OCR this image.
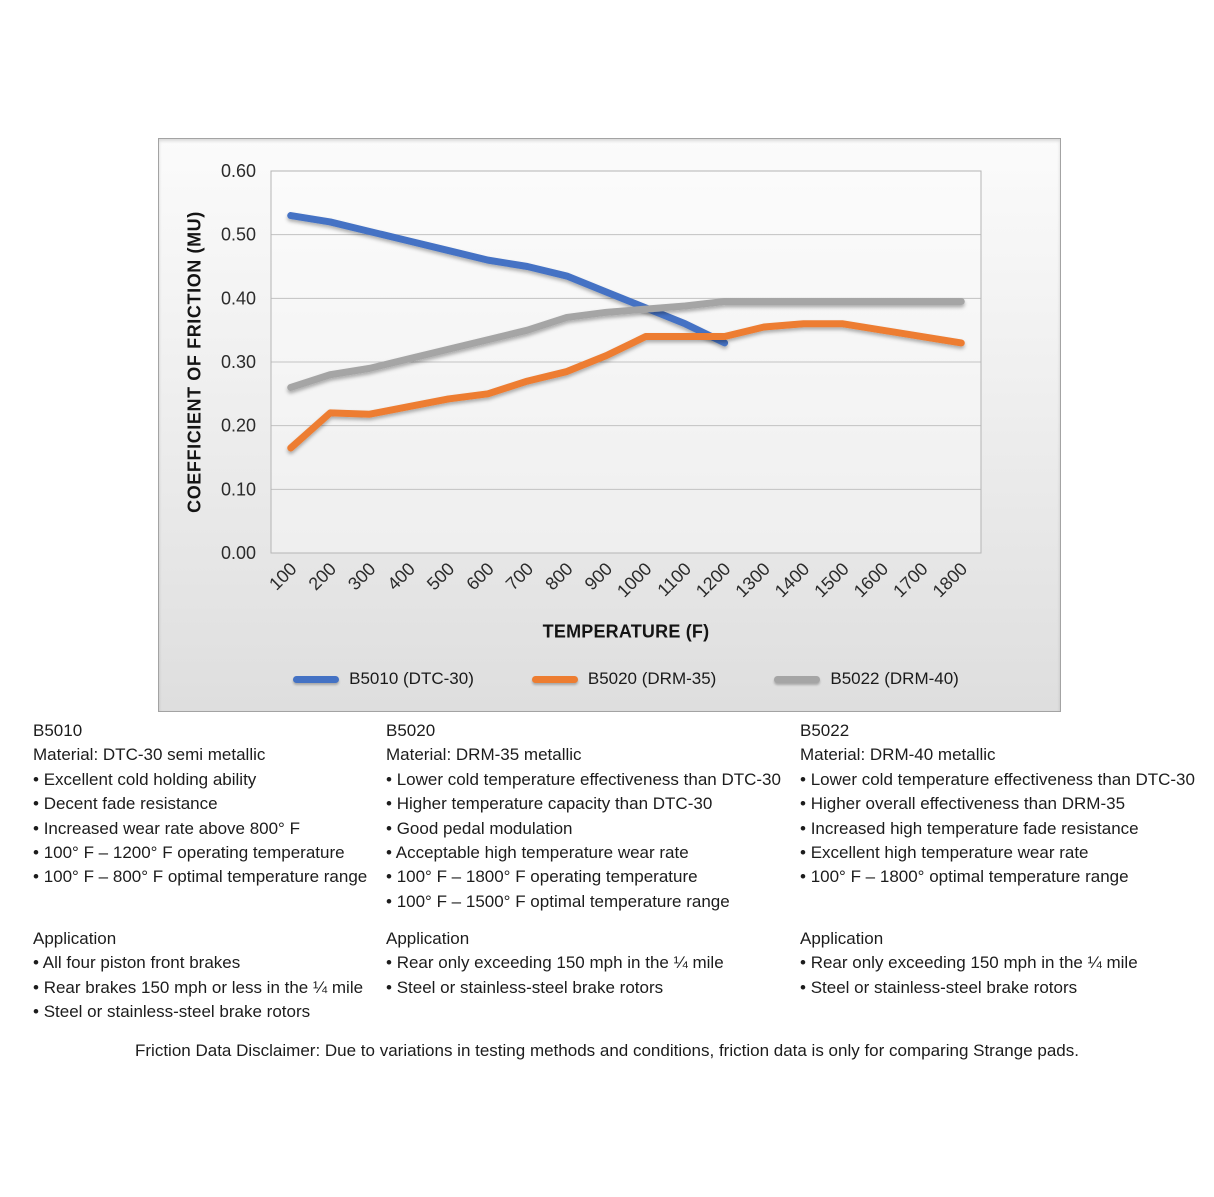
0.00
0.10
0.20
0.30
0.40
0.50
0.60
100 200 300 400 500 600 700 800 900
1000
1100
1200
1300
1400
1500
1600
1700
1800
COEFFICIENT OF FRICTION (MU)
TEMPERATURE (F)
B5010 (DTC-30)	B5020 (DRM-35)	B5022 (DRM-40)
B5010
Material: DTC-30 semi metallic
• Excellent cold holding ability
• Decent fade resistance
• Increased wear rate above 800° F
• 100° F – 1200° F operating temperature
• 100° F – 800° F optimal temperature range
B5020
Material: DRM-35 metallic
• Lower cold temperature effectiveness than DTC-30
• Higher temperature capacity than DTC-30
• Good pedal modulation
• Acceptable high temperature wear rate
• 100° F – 1800° F operating temperature
• 100° F – 1500° F optimal temperature range
B5022
Material: DRM-40 metallic
• Lower cold temperature effectiveness than DTC-30
• Higher overall effectiveness than DRM-35
• Increased high temperature fade resistance
• Excellent high temperature wear rate
• 100° F – 1800° optimal temperature range
Application
• All four piston front brakes
• Rear brakes 150 mph or less in the ¼ mile
• Steel or stainless-steel brake rotors
Application
• Rear only exceeding 150 mph in the ¼ mile
• Steel or stainless-steel brake rotors
Application
• Rear only exceeding 150 mph in the ¼ mile
• Steel or stainless-steel brake rotors
Friction Data Disclaimer: Due to variations in testing methods and conditions, friction data is only for comparing Strange pads.
